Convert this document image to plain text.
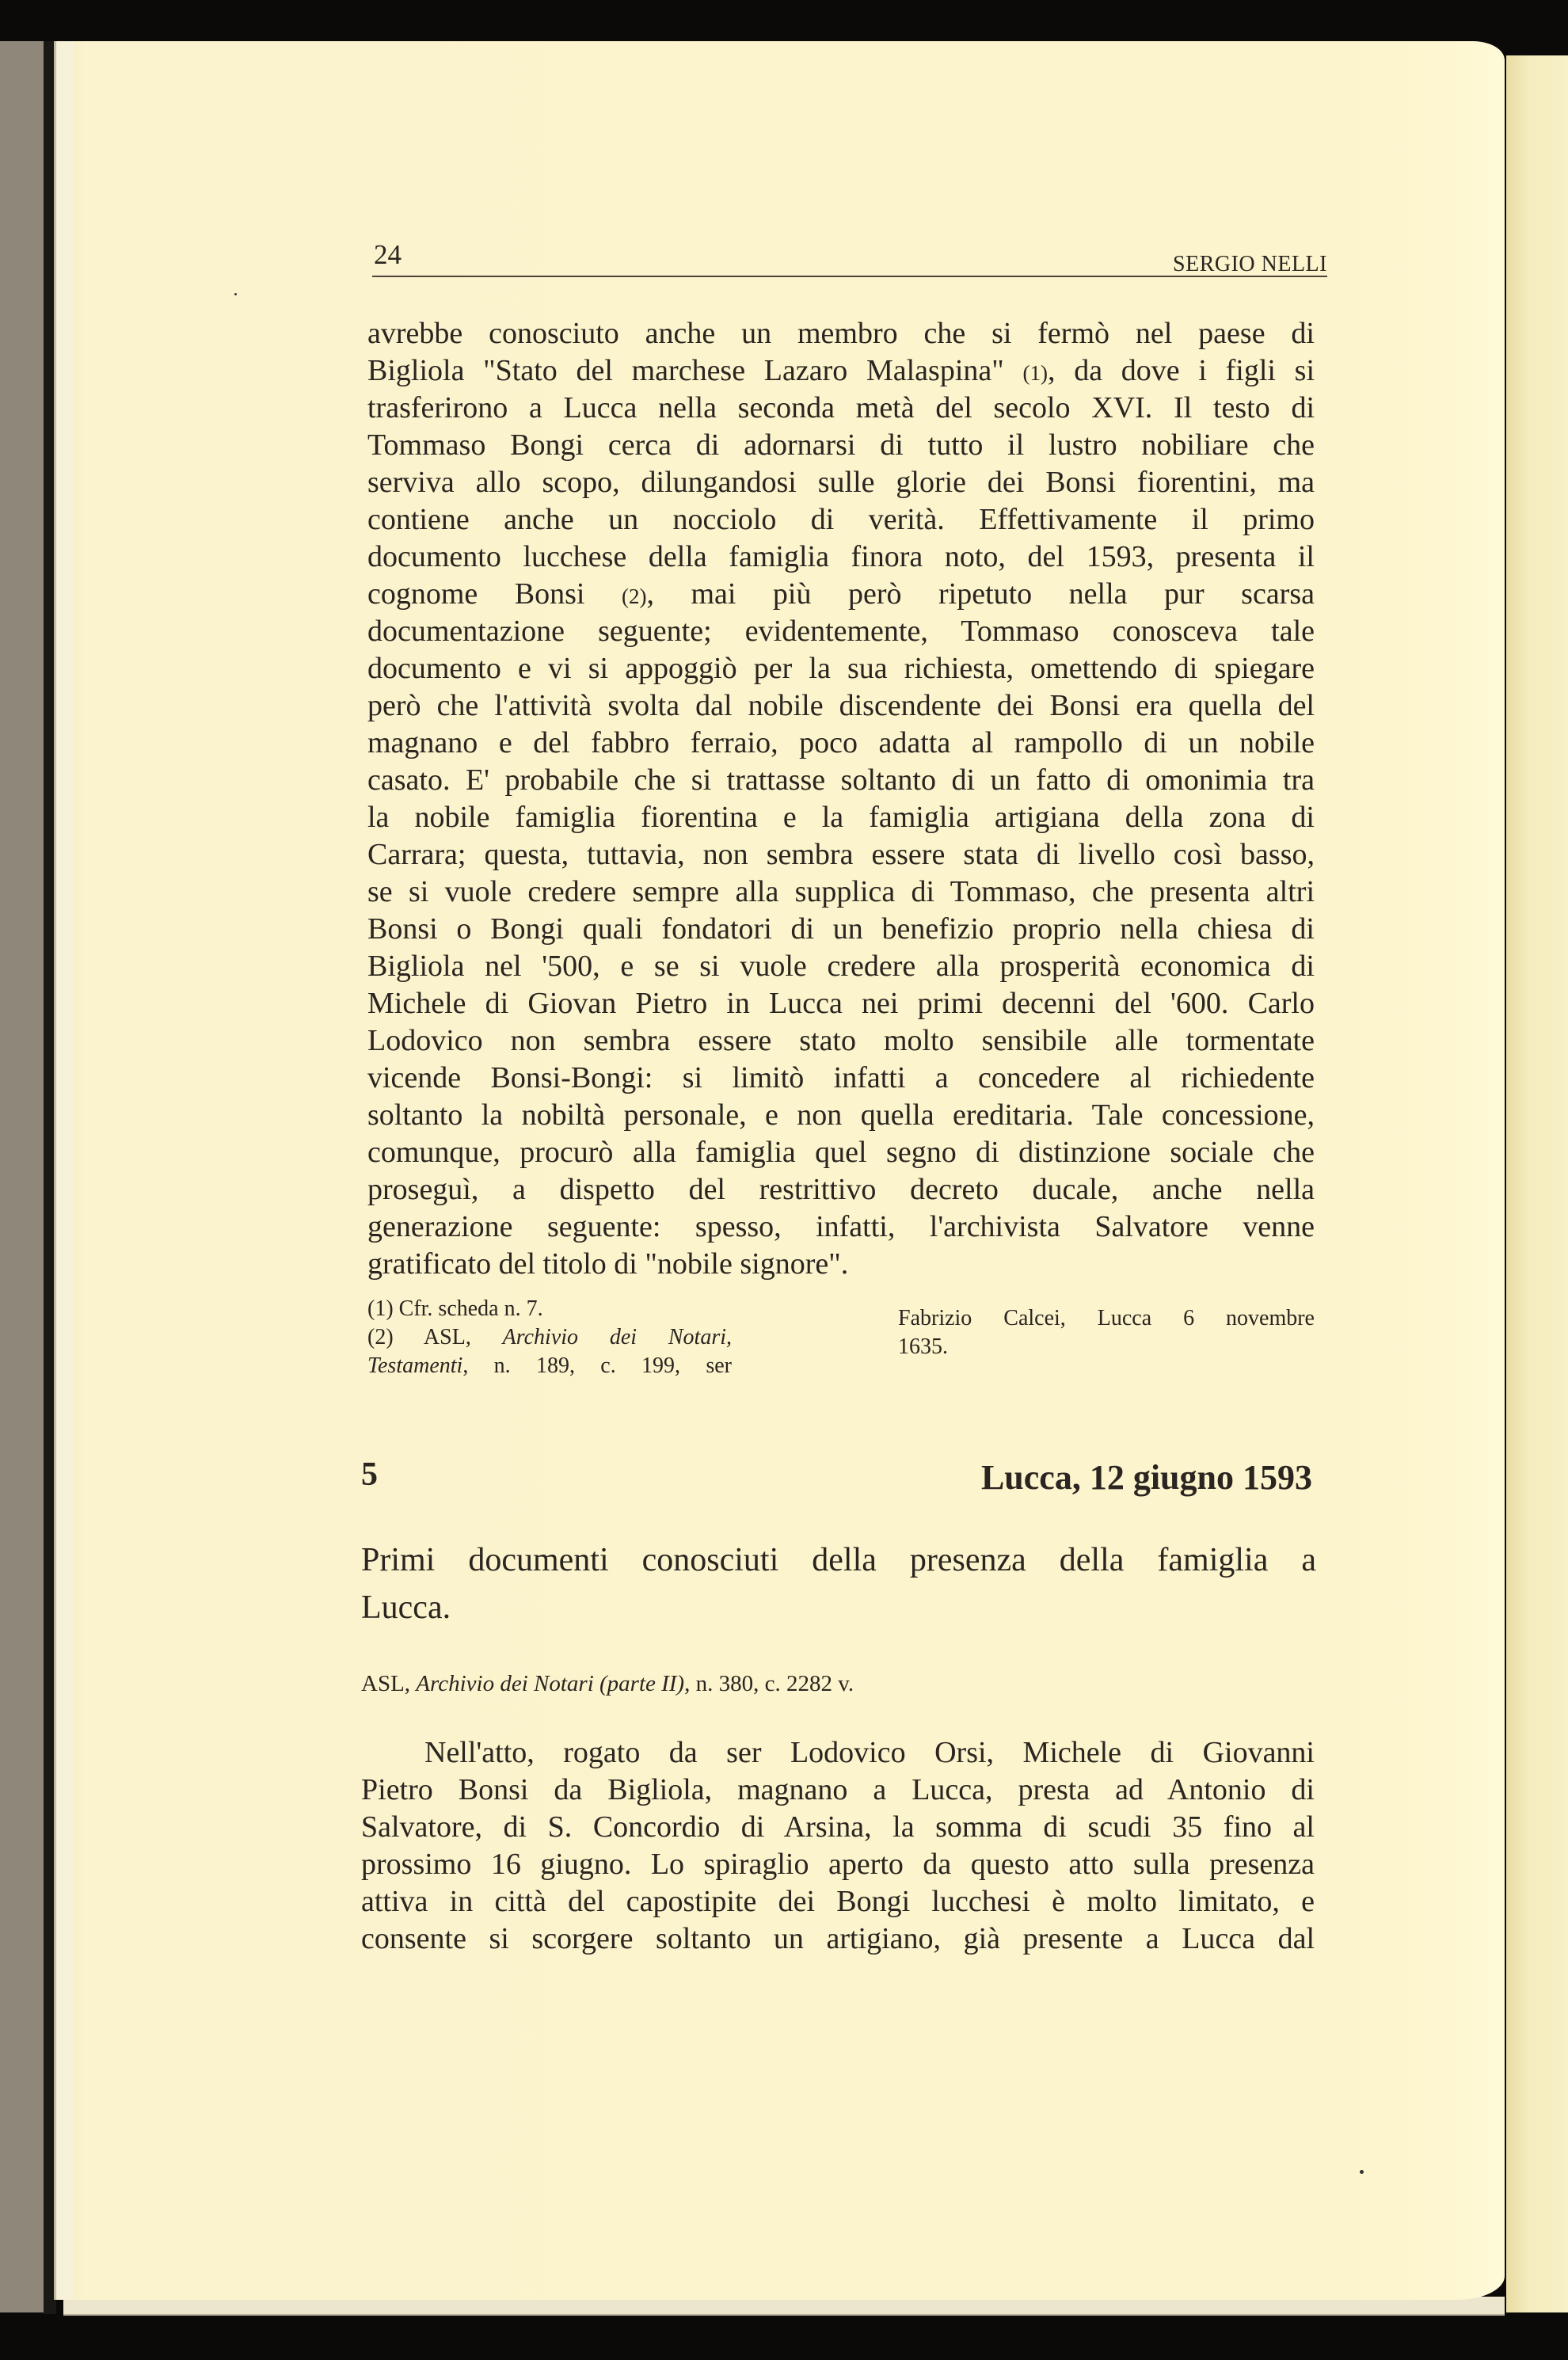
24	SERGIO NELLI
avrebbe conosciuto anche un membro che si fermò nel paese di
Bigliola "Stato del marchese Lazaro Malaspina" (1), da dove i figli si
trasferirono a Lucca nella seconda metà del secolo XVI. Il testo di
Tommaso Bongi cerca di adornarsi di tutto il lustro nobiliare che
serviva allo scopo, dilungandosi sulle glorie dei Bonsi fiorentini, ma
contiene anche un nocciolo di verità. Effettivamente il primo
documento lucchese della famiglia finora noto, del 1593, presenta il
cognome Bonsi (2), mai più però ripetuto nella pur scarsa
documentazione seguente; evidentemente, Tommaso conosceva tale
documento e vi si appoggiò per la sua richiesta, omettendo di spiegare
però che l'attività svolta dal nobile discendente dei Bonsi era quella del
magnano e del fabbro ferraio, poco adatta al rampollo di un nobile
casato. E' probabile che si trattasse soltanto di un fatto di omonimia tra
la nobile famiglia fiorentina e la famiglia artigiana della zona di
Carrara; questa, tuttavia, non sembra essere stata di livello così basso,
se si vuole credere sempre alla supplica di Tommaso, che presenta altri
Bonsi o Bongi quali fondatori di un benefizio proprio nella chiesa di
Bigliola nel '500, e se si vuole credere alla prosperità economica di
Michele di Giovan Pietro in Lucca nei primi decenni del '600. Carlo
Lodovico non sembra essere stato molto sensibile alle tormentate
vicende Bonsi-Bongi: si limitò infatti a concedere al richiedente
soltanto la nobiltà personale, e non quella ereditaria. Tale concessione,
comunque, procurò alla famiglia quel segno di distinzione sociale che
proseguì, a dispetto del restrittivo decreto ducale, anche nella
generazione seguente: spesso, infatti, l'archivista Salvatore venne
gratificato del titolo di "nobile signore".
(1) Cfr. scheda n. 7.
(2) ASL, Archivio dei Notari,
Testamenti, n. 189, c. 199, ser
Fabrizio Calcei, Lucca 6 novembre
1635.
5	Lucca, 12 giugno 1593
Primi documenti conosciuti della presenza della famiglia a
Lucca.
ASL, Archivio dei Notari (parte II), n. 380, c. 2282 v.
Nell'atto, rogato da ser Lodovico Orsi, Michele di Giovanni
Pietro Bonsi da Bigliola, magnano a Lucca, presta ad Antonio di
Salvatore, di S. Concordio di Arsina, la somma di scudi 35 fino al
prossimo 16 giugno. Lo spiraglio aperto da questo atto sulla presenza
attiva in città del capostipite dei Bongi lucchesi è molto limitato, e
consente si scorgere soltanto un artigiano, già presente a Lucca dal
